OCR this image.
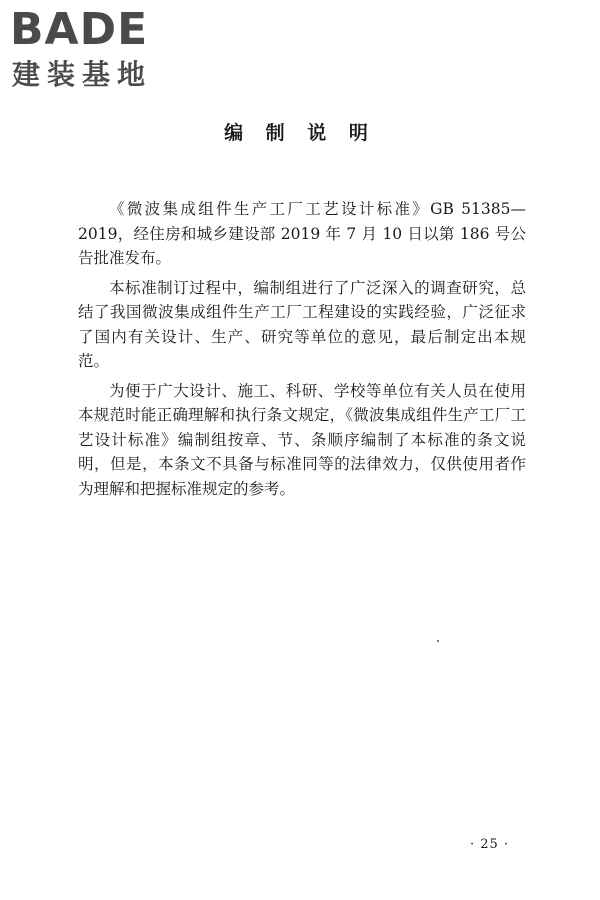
BADE
建装基地
编 制 说 明

《微波集成组件生产工厂工艺设计标准》GB 51385—2019，经住房和城乡建设部 2019 年 7 月 10 日以第 186 号公告批准发布。

本标准制订过程中，编制组进行了广泛深入的调查研究，总结了我国微波集成组件生产工厂工程建设的实践经验，广泛征求了国内有关设计、生产、研究等单位的意见，最后制定出本规范。

为便于广大设计、施工、科研、学校等单位有关人员在使用本规范时能正确理解和执行条文规定，《微波集成组件生产工厂工艺设计标准》编制组按章、节、条顺序编制了本标准的条文说明，但是，本条文不具备与标准同等的法律效力，仅供使用者作为理解和把握标准规定的参考。

· 25 ·
